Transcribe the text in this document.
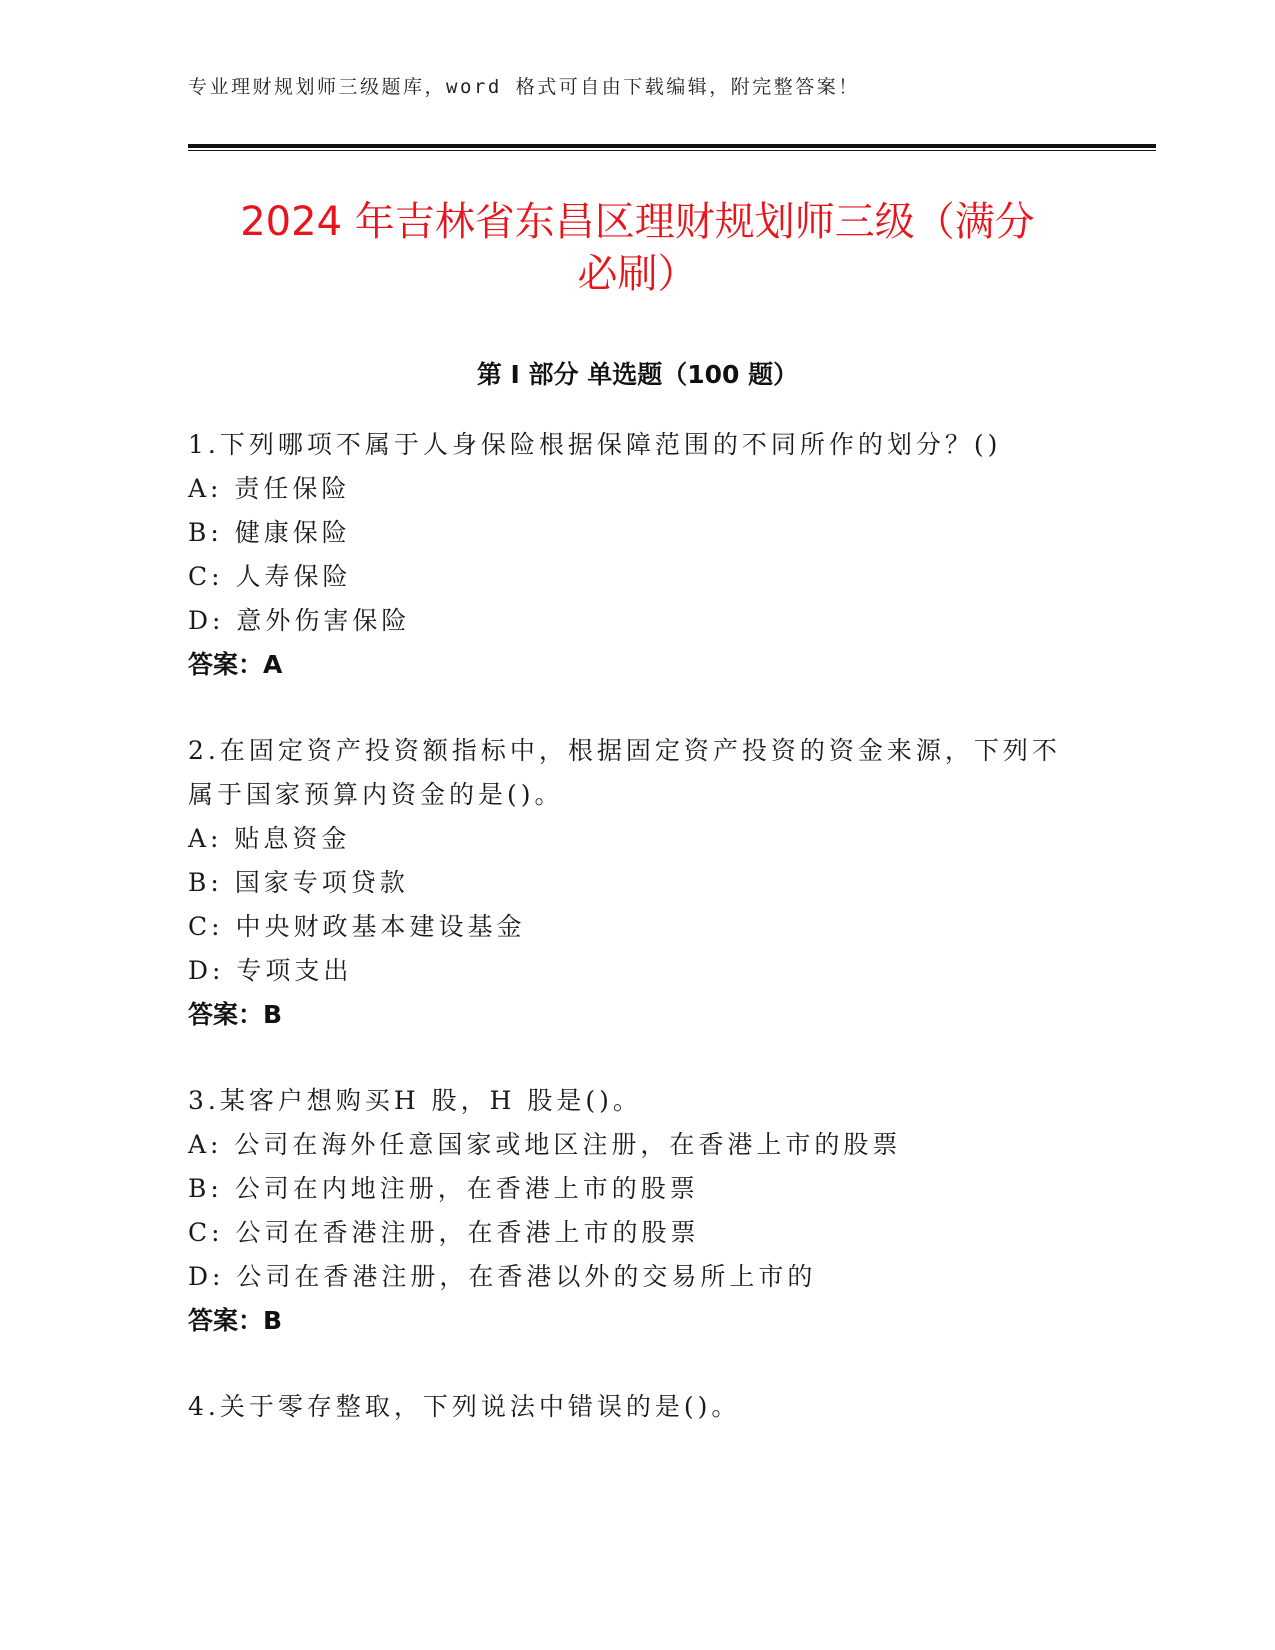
专业理财规划师三级题库，word 格式可自由下载编辑，附完整答案！
2024 年吉林省东昌区理财规划师三级（满分
必刷）
第 I 部分 单选题（100 题）
1.下列哪项不属于人身保险根据保障范围的不同所作的划分？()
A: 责任保险
B: 健康保险
C: 人寿保险
D: 意外伤害保险
答案：A
2.在固定资产投资额指标中，根据固定资产投资的资金来源，下列不
属于国家预算内资金的是()。
A: 贴息资金
B: 国家专项贷款
C: 中央财政基本建设基金
D: 专项支出
答案：B
3.某客户想购买H 股，H 股是()。
A: 公司在海外任意国家或地区注册，在香港上市的股票
B: 公司在内地注册，在香港上市的股票
C: 公司在香港注册，在香港上市的股票
D: 公司在香港注册，在香港以外的交易所上市的
答案：B
4.关于零存整取，下列说法中错误的是()。
